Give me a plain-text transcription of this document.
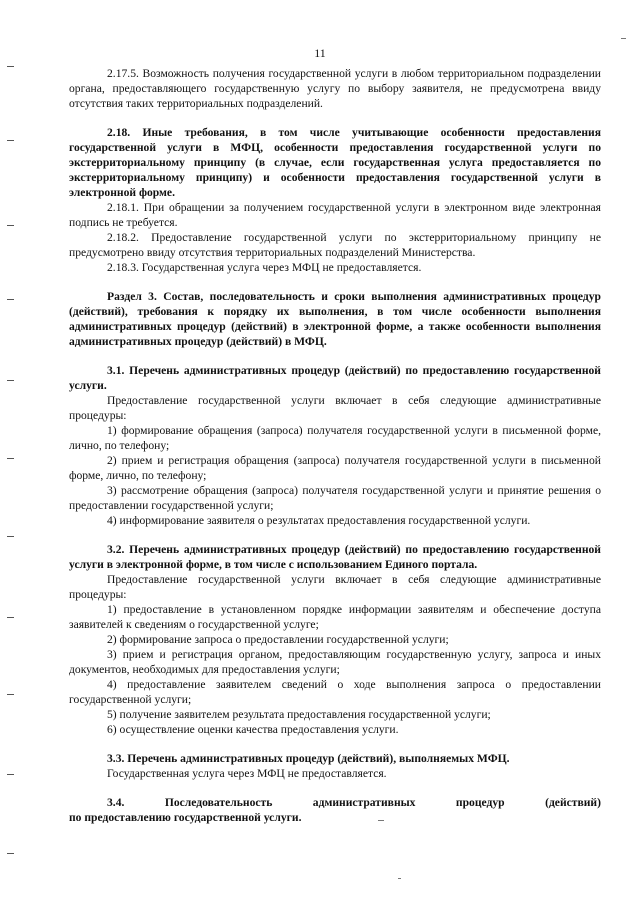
11

2.17.5. Возможность получения государственной услуги в любом территориальном подразделении органа, предоставляющего государственную услугу по выбору заявителя, не предусмотрена ввиду отсутствия таких территориальных подразделений.

2.18. Иные требования, в том числе учитывающие особенности предоставления государственной услуги в МФЦ, особенности предоставления государственной услуги по экстерриториальному принципу (в случае, если государственная услуга предоставляется по экстерриториальному принципу) и особенности предоставления государственной услуги в электронной форме.

2.18.1. При обращении за получением государственной услуги в электронном виде электронная подпись не требуется.

2.18.2. Предоставление государственной услуги по экстерриториальному принципу не предусмотрено ввиду отсутствия территориальных подразделений Министерства.

2.18.3. Государственная услуга через МФЦ не предоставляется.

Раздел 3. Состав, последовательность и сроки выполнения административных процедур (действий), требования к порядку их выполнения, в том числе особенности выполнения административных процедур (действий) в электронной форме, а также особенности выполнения административных процедур (действий) в МФЦ.

3.1. Перечень административных процедур (действий) по предоставлению государственной услуги.

Предоставление государственной услуги включает в себя следующие административные процедуры:

1) формирование обращения (запроса) получателя государственной услуги в письменной форме, лично, по телефону;

2) прием и регистрация обращения (запроса) получателя государственной услуги в письменной форме, лично, по телефону;

3) рассмотрение обращения (запроса) получателя государственной услуги и принятие решения о предоставлении государственной услуги;

4) информирование заявителя о результатах предоставления государственной услуги.

3.2. Перечень административных процедур (действий) по предоставлению государственной услуги в электронной форме, в том числе с использованием Единого портала.

Предоставление государственной услуги включает в себя следующие административные процедуры:

1) предоставление в установленном порядке информации заявителям и обеспечение доступа заявителей к сведениям о государственной услуге;

2) формирование запроса о предоставлении государственной услуги;

3) прием и регистрация органом, предоставляющим государственную услугу, запроса и иных документов, необходимых для предоставления услуги;

4) предоставление заявителем сведений о ходе выполнения запроса о предоставлении государственной услуги;

5) получение заявителем результата предоставления государственной услуги;

6) осуществление оценки качества предоставления услуги.

3.3. Перечень административных процедур (действий), выполняемых МФЦ.

Государственная услуга через МФЦ не предоставляется.

3.4.	Последовательность	административных	процедур	(действий)

по предоставлению государственной услуги.
